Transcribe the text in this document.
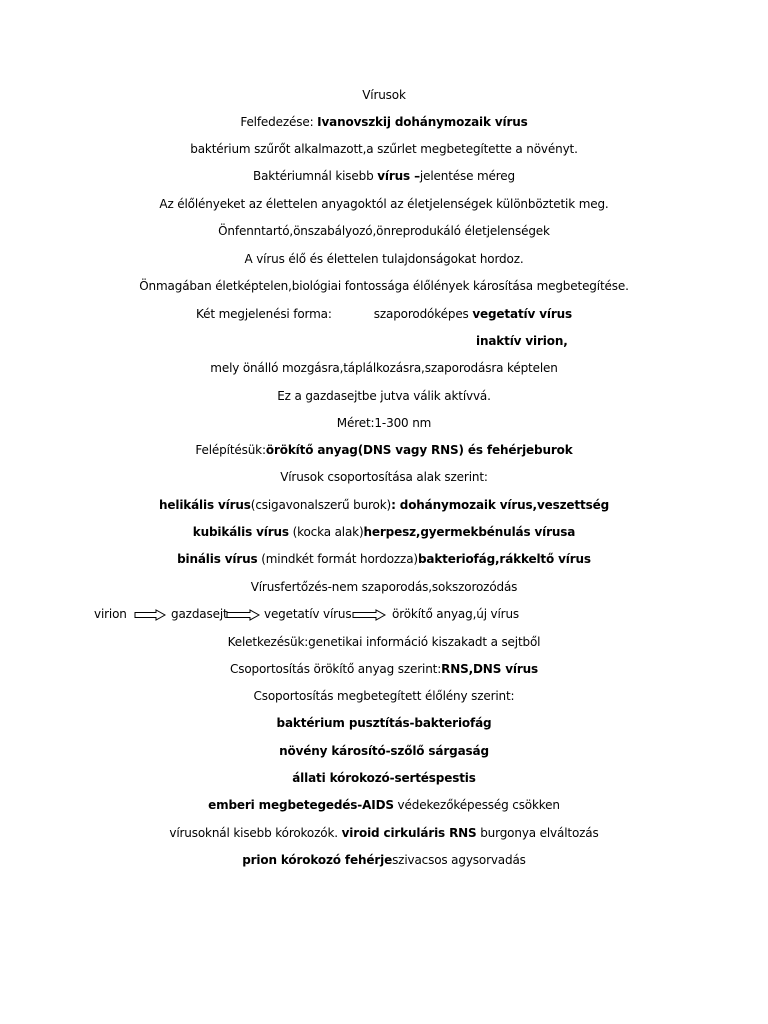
Vírusok
Felfedezése: Ivanovszkij dohánymozaik vírus
baktérium szűrőt alkalmazott,a szűrlet megbetegítette a növényt.
Baktériumnál kisebb vírus –jelentése méreg
Az élőlényeket az élettelen anyagoktól az életjelenségek különböztetik meg.
Önfenntartó,önszabályozó,önreprodukáló életjelenségek
A vírus élő és élettelen tulajdonságokat hordoz.
Önmagában életképtelen,biológiai fontossága élőlények károsítása megbetegítése.
Két megjelenési forma:	szaporodóképes vegetatív vírus
inaktív virion,
mely önálló mozgásra,táplálkozásra,szaporodásra képtelen
Ez a gazdasejtbe jutva válik aktívvá.
Méret:1-300 nm
Felépítésük:örökítő anyag(DNS vagy RNS) és fehérjeburok
Vírusok csoportosítása alak szerint:
helikális vírus(csigavonalszerű burok): dohánymozaik vírus,veszettség
kubikális vírus (kocka alak)herpesz,gyermekbénulás vírusa
binális vírus (mindkét formát hordozza)bakteriofág,rákkeltő vírus
Vírusfertőzés-nem szaporodás,sokszorozódás
virion	gazdasejt	vegetatív vírus	örökítő anyag,új vírus
Keletkezésük:genetikai információ kiszakadt a sejtből
Csoportosítás örökítő anyag szerint:RNS,DNS vírus
Csoportosítás megbetegített élőlény szerint:
baktérium pusztítás-bakteriofág
növény károsító-szőlő sárgaság
állati kórokozó-sertéspestis
emberi megbetegedés-AIDS védekezőképesség csökken
vírusoknál kisebb kórokozók. viroid cirkuláris RNS burgonya elváltozás
prion kórokozó fehérjeszivacsos agysorvadás
